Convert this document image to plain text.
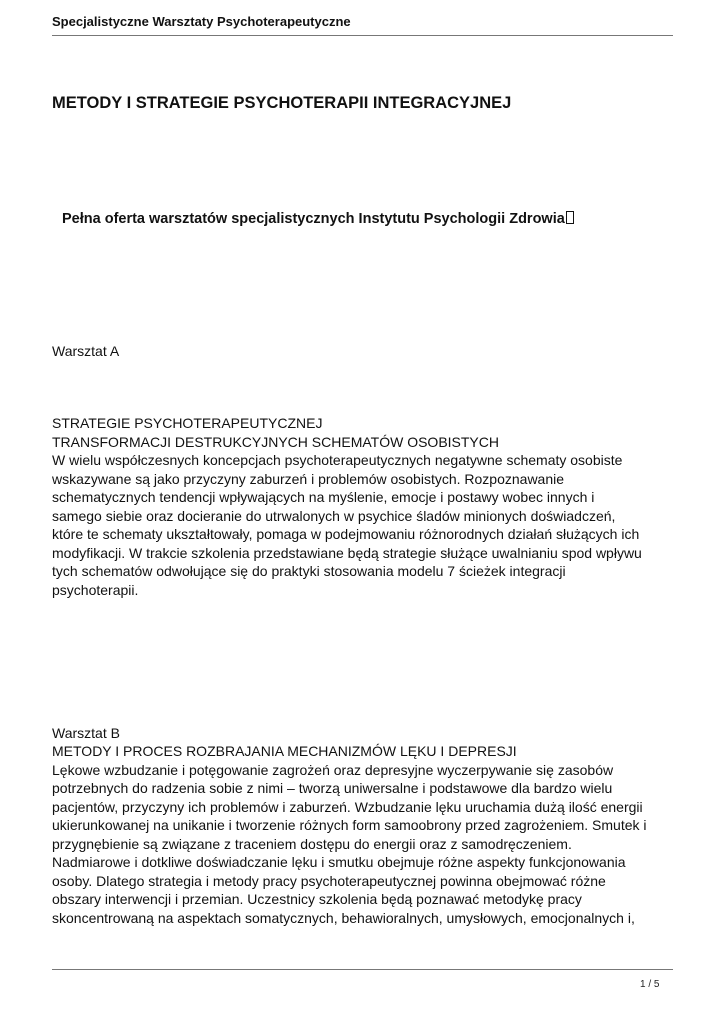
Specjalistyczne Warsztaty Psychoterapeutyczne
METODY I STRATEGIE PSYCHOTERAPII INTEGRACYJNEJ
Pełna oferta warsztatów specjalistycznych Instytutu Psychologii Zdrowia

Warsztat A

STRATEGIE PSYCHOTERAPEUTYCZNEJ
TRANSFORMACJI DESTRUKCYJNYCH SCHEMATÓW OSOBISTYCH
W wielu współczesnych koncepcjach psychoterapeutycznych negatywne schematy osobiste
wskazywane są jako przyczyny zaburzeń i problemów osobistych. Rozpoznawanie
schematycznych tendencji wpływających na myślenie, emocje i postawy wobec innych i
samego siebie oraz docieranie do utrwalonych w psychice śladów minionych doświadczeń,
które te schematy ukształtowały, pomaga w podejmowaniu różnorodnych działań służących ich
modyfikacji. W trakcie szkolenia przedstawiane będą strategie służące uwalnianiu spod wpływu
tych schematów odwołujące się do praktyki stosowania modelu 7 ścieżek integracji
psychoterapii.

Warsztat B

METODY I PROCES ROZBRAJANIA MECHANIZMÓW LĘKU I DEPRESJI
Lękowe wzbudzanie i potęgowanie zagrożeń oraz depresyjne wyczerpywanie się zasobów
potrzebnych do radzenia sobie z nimi – tworzą uniwersalne i podstawowe dla bardzo wielu
pacjentów, przyczyny ich problemów i zaburzeń. Wzbudzanie lęku uruchamia dużą ilość energii
ukierunkowanej na unikanie i tworzenie różnych form samoobrony przed zagrożeniem. Smutek i
przygnębienie są związane z traceniem dostępu do energii oraz z samodręczeniem.
Nadmiarowe i dotkliwe doświadczanie lęku i smutku obejmuje różne aspekty funkcjonowania
osoby. Dlatego strategia i metody pracy psychoterapeutycznej powinna obejmować różne
obszary interwencji i przemian. Uczestnicy szkolenia będą poznawać metodykę pracy
skoncentrowaną na aspektach somatycznych, behawioralnych, umysłowych, emocjonalnych i,
1 / 5
